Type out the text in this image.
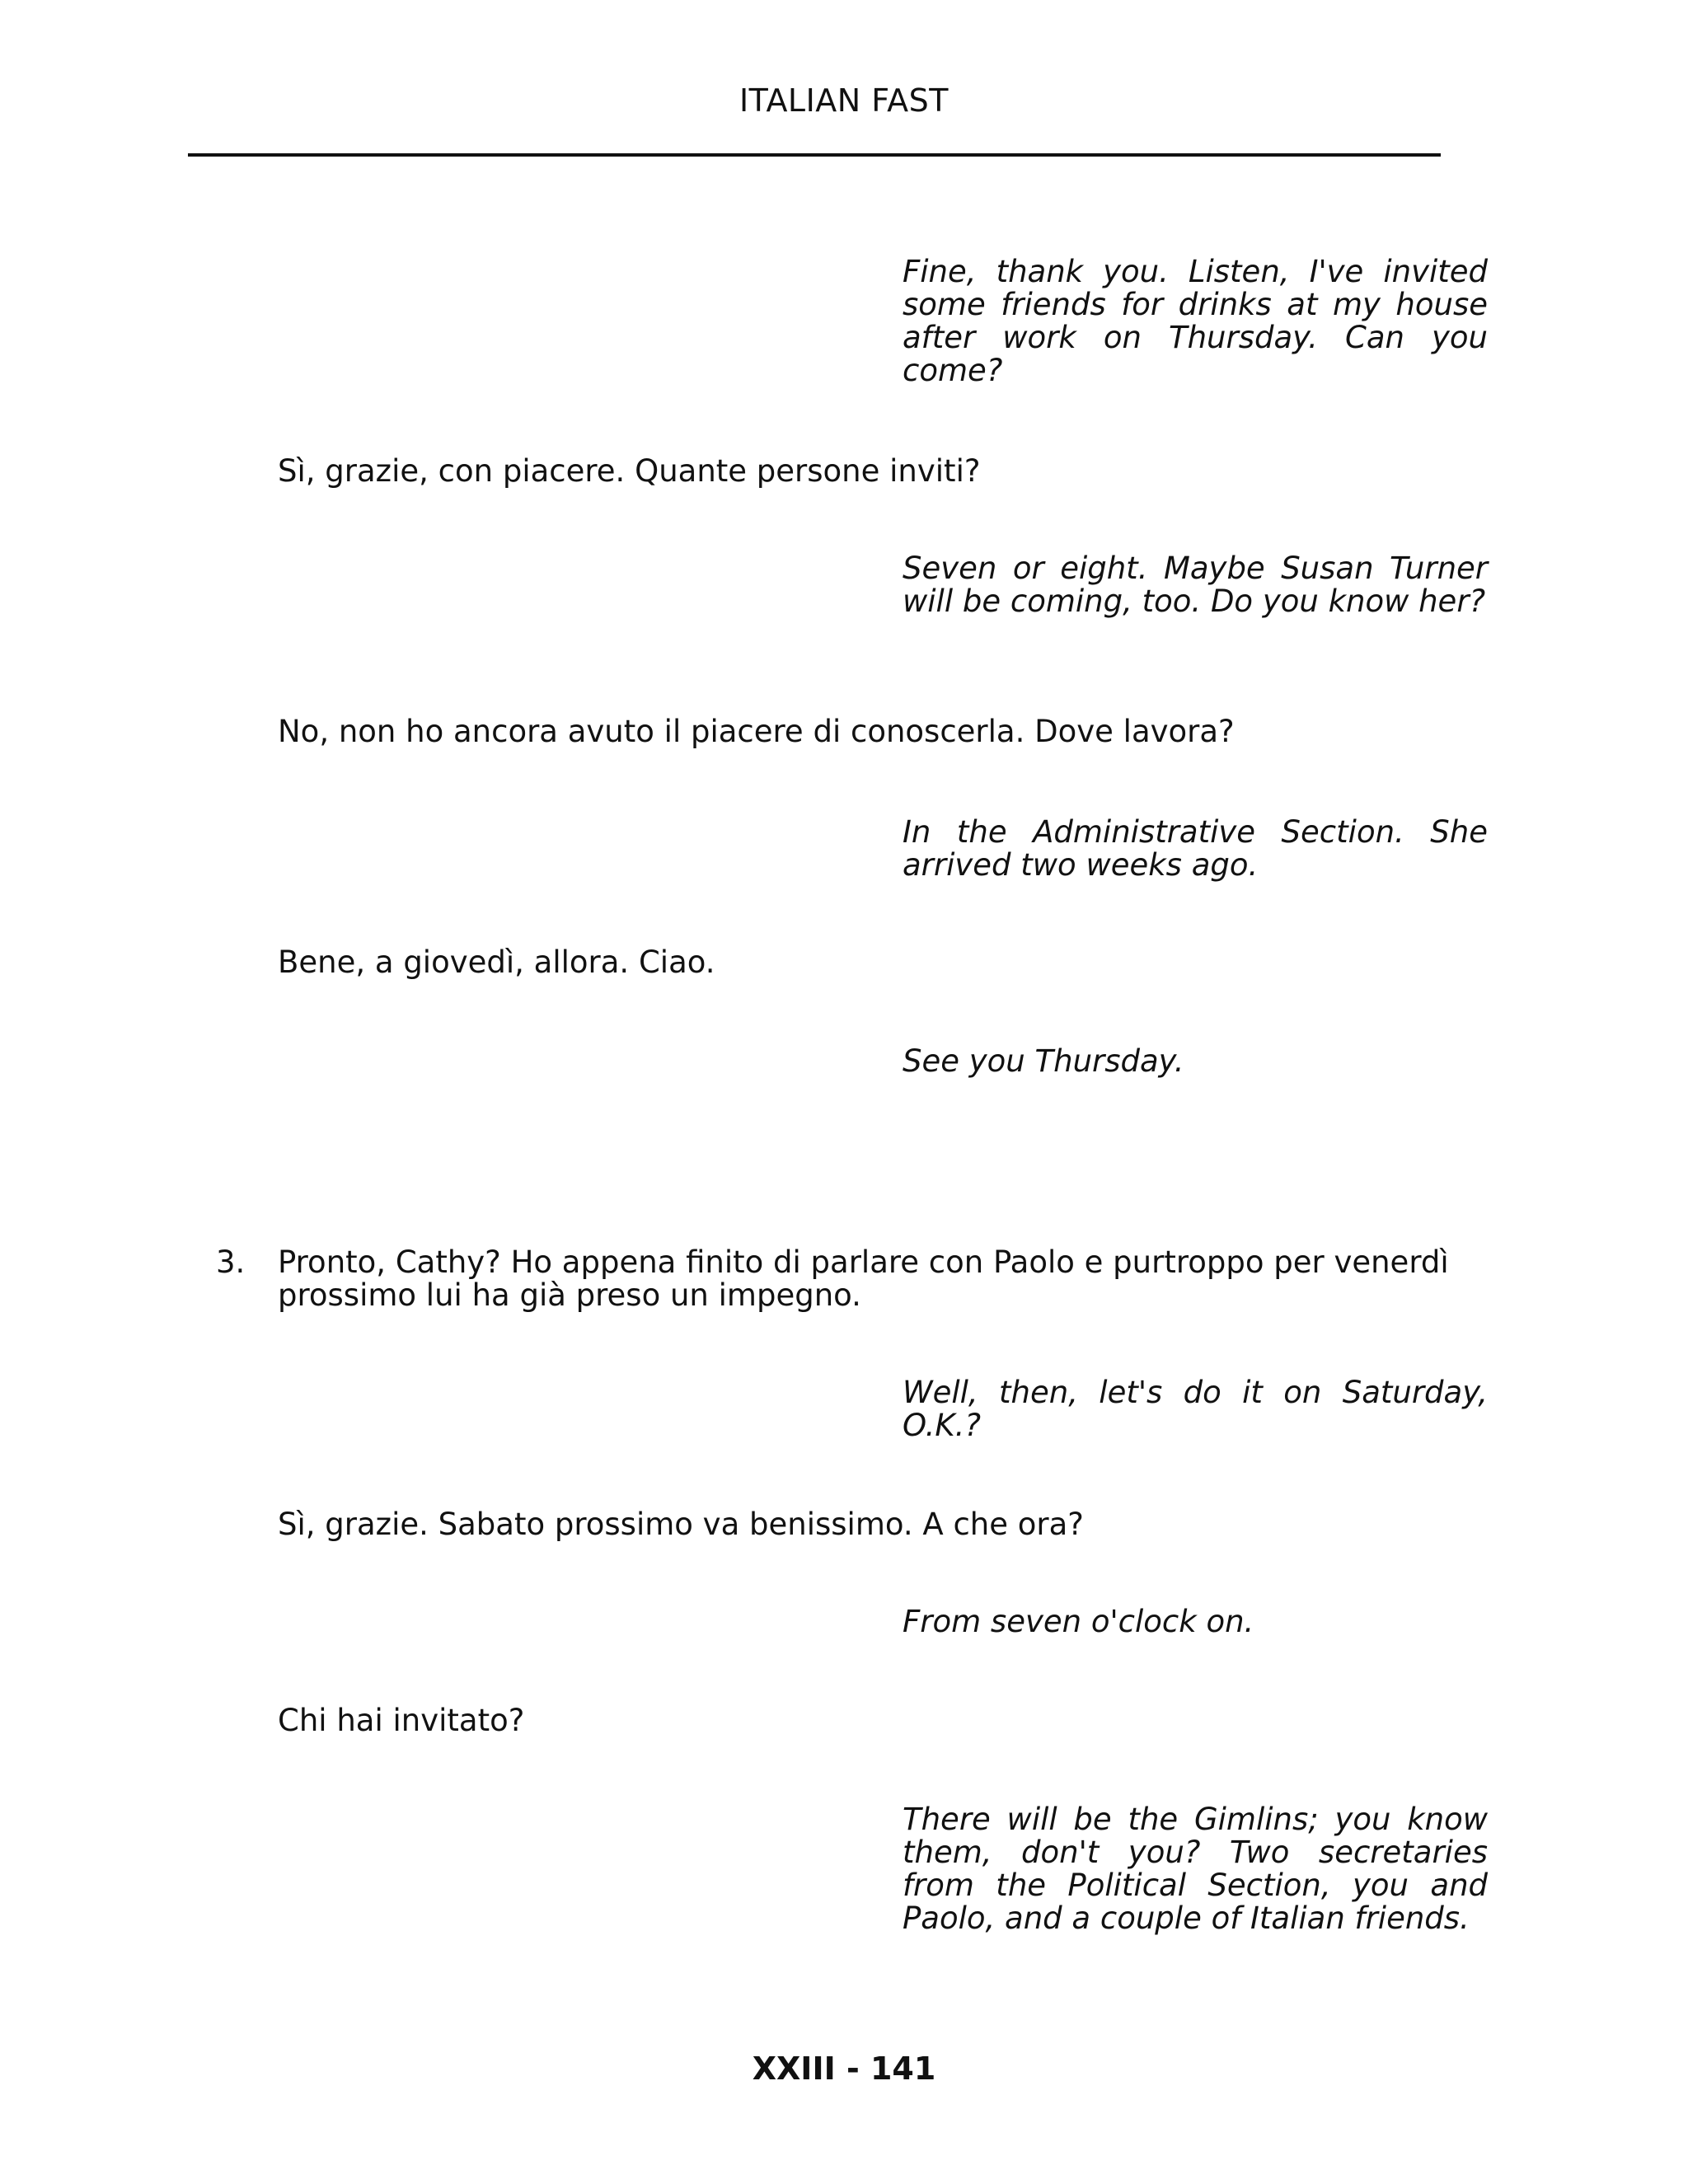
ITALIAN FAST
Fine, thank you. Listen, I've invited some friends for drinks at my house after work on Thursday. Can you come?
Sì, grazie, con piacere. Quante persone inviti?
Seven or eight. Maybe Susan Turner will be coming, too. Do you know her?
No, non ho ancora avuto il piacere di conoscerla. Dove lavora?
In the Administrative Section. She arrived two weeks ago.
Bene, a giovedì, allora. Ciao.
See you Thursday.
3. Pronto, Cathy? Ho appena finito di parlare con Paolo e purtroppo per venerdì prossimo lui ha già preso un impegno.
Well, then, let's do it on Saturday, O.K.?
Sì, grazie. Sabato prossimo va benissimo. A che ora?
From seven o'clock on.
Chi hai invitato?
There will be the Gimlins; you know them, don't you? Two secretaries from the Political Section, you and Paolo, and a couple of Italian friends.
XXIII - 141
